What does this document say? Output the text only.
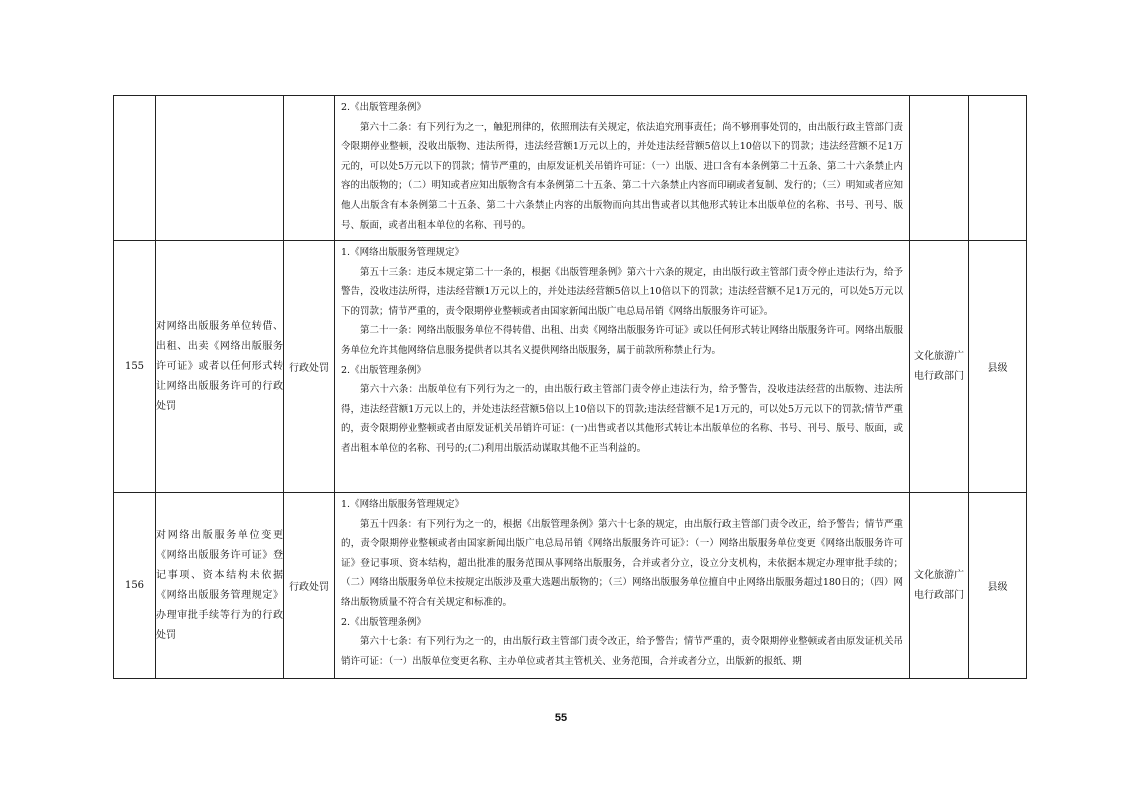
			2.《出版管理条例》

第六十二条：有下列行为之一，触犯刑律的，依照刑法有关规定，依法追究刑事责任；尚不够刑事处罚的，由出版行政主管部门责令限期停业整顿，没收出版物、违法所得，违法经营额1万元以上的，并处违法经营额5倍以上10倍以下的罚款；违法经营额不足1万元的，可以处5万元以下的罚款；情节严重的，由原发证机关吊销许可证：（一）出版、进口含有本条例第二十五条、第二十六条禁止内容的出版物的；（二）明知或者应知出版物含有本条例第二十五条、第二十六条禁止内容而印刷或者复制、发行的；（三）明知或者应知他人出版含有本条例第二十五条、第二十六条禁止内容的出版物而向其出售或者以其他形式转让本出版单位的名称、书号、刊号、版号、版面，或者出租本单位的名称、刊号的。		

155	对网络出版服务单位转借、出租、出卖《网络出版服务许可证》或者以任何形式转让网络出版服务许可的行政处罚	行政处罚	1.《网络出版服务管理规定》

第五十三条：违反本规定第二十一条的，根据《出版管理条例》第六十六条的规定，由出版行政主管部门责令停止违法行为，给予警告，没收违法所得，违法经营额1万元以上的，并处违法经营额5倍以上10倍以下的罚款；违法经营额不足1万元的，可以处5万元以下的罚款；情节严重的，责令限期停业整顿或者由国家新闻出版广电总局吊销《网络出版服务许可证》。

第二十一条：网络出版服务单位不得转借、出租、出卖《网络出版服务许可证》或以任何形式转让网络出版服务许可。网络出版服务单位允许其他网络信息服务提供者以其名义提供网络出版服务，属于前款所称禁止行为。

2.《出版管理条例》

第六十六条：出版单位有下列行为之一的，由出版行政主管部门责令停止违法行为，给予警告，没收违法经营的出版物、违法所得，违法经营额1万元以上的，并处违法经营额5倍以上10倍以下的罚款;违法经营额不足1万元的，可以处5万元以下的罚款;情节严重的，责令限期停业整顿或者由原发证机关吊销许可证：(一)出售或者以其他形式转让本出版单位的名称、书号、刊号、版号、版面，或者出租本单位的名称、刊号的;(二)利用出版活动谋取其他不正当利益的。	文化旅游广电行政部门	县级
156	对网络出版服务单位变更《网络出版服务许可证》登记事项、资本结构未依据《网络出版服务管理规定》办理审批手续等行为的行政处罚	行政处罚	1.《网络出版服务管理规定》

第五十四条：有下列行为之一的，根据《出版管理条例》第六十七条的规定，由出版行政主管部门责令改正，给予警告；情节严重的，责令限期停业整顿或者由国家新闻出版广电总局吊销《网络出版服务许可证》：（一）网络出版服务单位变更《网络出版服务许可证》登记事项、资本结构，超出批准的服务范围从事网络出版服务，合并或者分立，设立分支机构，未依据本规定办理审批手续的；（二）网络出版服务单位未按规定出版涉及重大选题出版物的；（三）网络出版服务单位擅自中止网络出版服务超过180日的；（四）网络出版物质量不符合有关规定和标准的。

2.《出版管理条例》

第六十七条：有下列行为之一的，由出版行政主管部门责令改正，给予警告；情节严重的，责令限期停业整顿或者由原发证机关吊销许可证：（一）出版单位变更名称、主办单位或者其主管机关、业务范围，合并或者分立，出版新的报纸、期	文化旅游广电行政部门	县级
55
